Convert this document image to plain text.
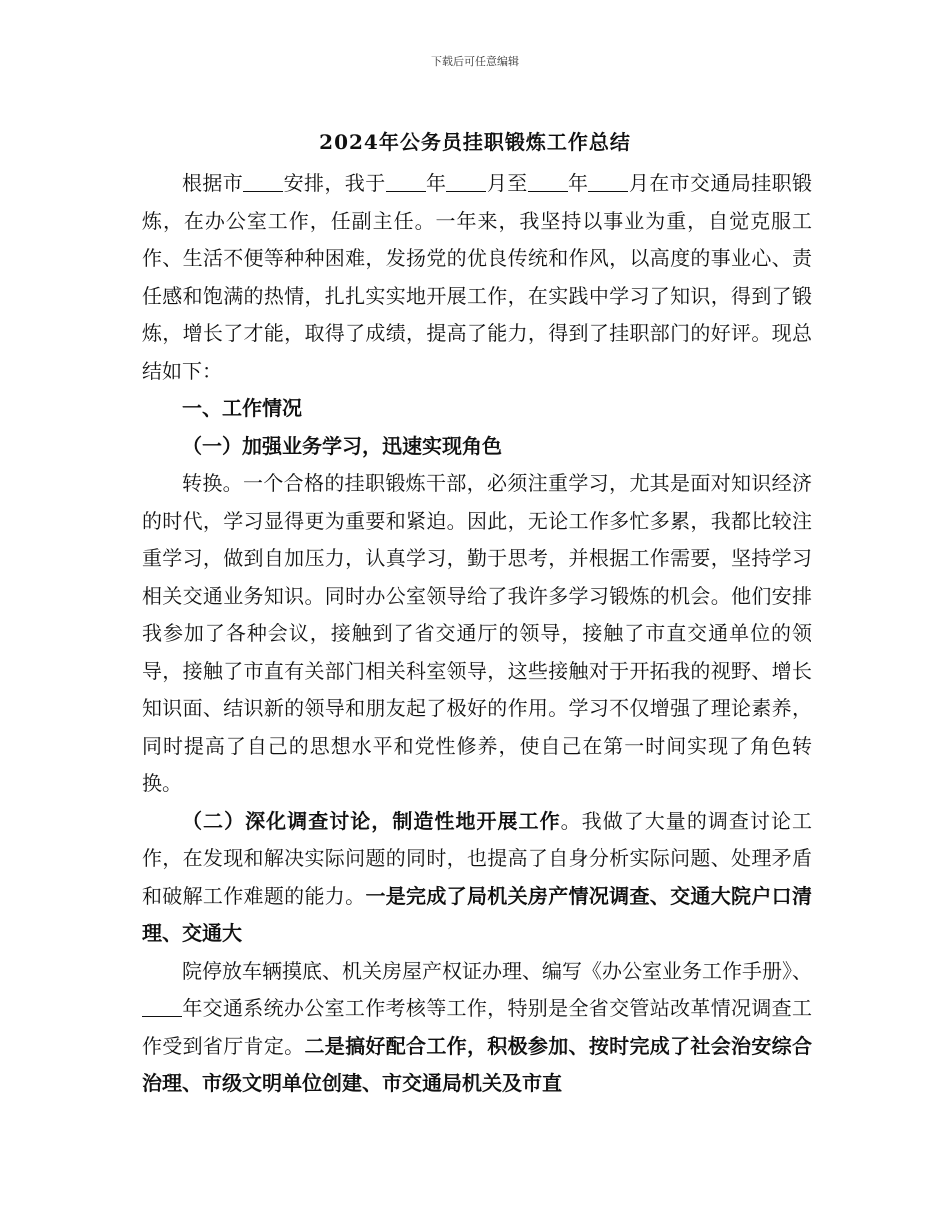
下载后可任意编辑
2024年公务员挂职锻炼工作总结

根据市 安排，我于 年 月至 年 月在市交通局挂职锻炼，在办公室工作，任副主任。一年来，我坚持以事业为重，自觉克服工作、生活不便等种种困难，发扬党的优良传统和作风，以高度的事业心、责任感和饱满的热情，扎扎实实地开展工作，在实践中学习了知识，得到了锻炼，增长了才能，取得了成绩，提高了能力，得到了挂职部门的好评。现总结如下：

一、工作情况

（一）加强业务学习，迅速实现角色

转换。一个合格的挂职锻炼干部，必须注重学习，尤其是面对知识经济的时代，学习显得更为重要和紧迫。因此，无论工作多忙多累，我都比较注重学习，做到自加压力，认真学习，勤于思考，并根据工作需要，坚持学习相关交通业务知识。同时办公室领导给了我许多学习锻炼的机会。他们安排我参加了各种会议，接触到了省交通厅的领导，接触了市直交通单位的领导，接触了市直有关部门相关科室领导，这些接触对于开拓我的视野、增长知识面、结识新的领导和朋友起了极好的作用。学习不仅增强了理论素养，同时提高了自己的思想水平和党性修养，使自己在第一时间实现了角色转换。

（二）深化调查讨论，制造性地开展工作。我做了大量的调查讨论工作，在发现和解决实际问题的同时，也提高了自身分析实际问题、处理矛盾和破解工作难题的能力。一是完成了局机关房产情况调查、交通大院户口清理、交通大

院停放车辆摸底、机关房屋产权证办理、编写《办公室业务工作手册》、年交通系统办公室工作考核等工作，特别是全省交管站改革情况调查工作受到省厅肯定。二是搞好配合工作，积极参加、按时完成了社会治安综合治理、市级文明单位创建、市交通局机关及市直
